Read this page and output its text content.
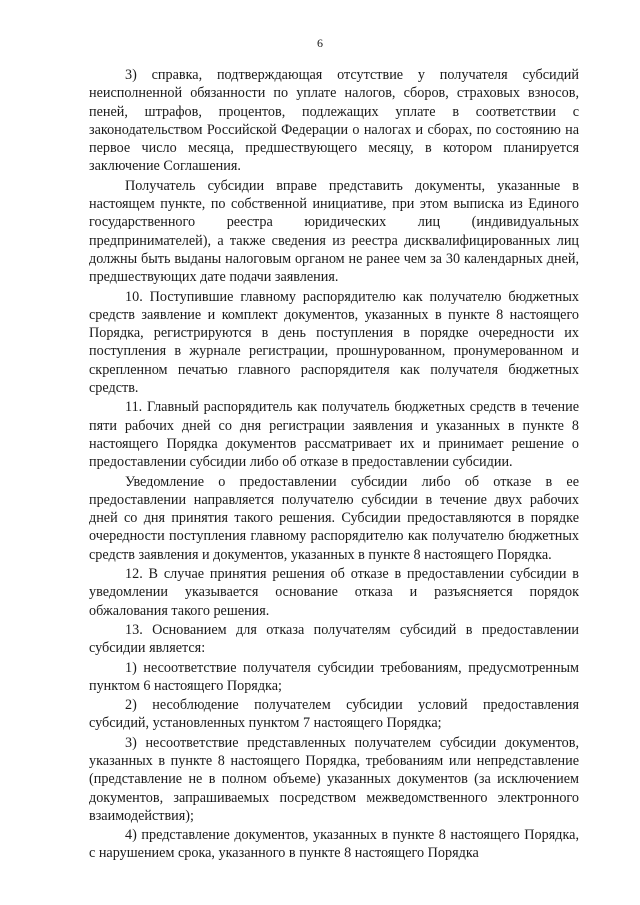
6

3) справка, подтверждающая отсутствие у получателя субсидий неисполненной обязанности по уплате налогов, сборов, страховых взносов, пеней, штрафов, процентов, подлежащих уплате в соответствии с законодательством Российской Федерации о налогах и сборах, по состоянию на первое число месяца, предшествующего месяцу, в котором планируется заключение Соглашения.

Получатель субсидии вправе представить документы, указанные в настоящем пункте, по собственной инициативе, при этом выписка из Единого государственного реестра юридических лиц (индивидуальных предпринимателей), а также сведения из реестра дисквалифицированных лиц должны быть выданы налоговым органом не ранее чем за 30 календарных дней, предшествующих дате подачи заявления.

10. Поступившие главному распорядителю как получателю бюджетных средств заявление и комплект документов, указанных в пункте 8 настоящего Порядка, регистрируются в день поступления в порядке очередности их поступления в журнале регистрации, прошнурованном, пронумерованном и скрепленном печатью главного распорядителя как получателя бюджетных средств.

11. Главный распорядитель как получатель бюджетных средств в течение пяти рабочих дней со дня регистрации заявления и указанных в пункте 8 настоящего Порядка документов рассматривает их и принимает решение о предоставлении субсидии либо об отказе в предоставлении субсидии.

Уведомление о предоставлении субсидии либо об отказе в ее предоставлении направляется получателю субсидии в течение двух рабочих дней со дня принятия такого решения. Субсидии предоставляются в порядке очередности поступления главному распорядителю как получателю бюджетных средств заявления и документов, указанных в пункте 8 настоящего Порядка.

12. В случае принятия решения об отказе в предоставлении субсидии в уведомлении указывается основание отказа и разъясняется порядок обжалования такого решения.

13. Основанием для отказа получателям субсидий в предоставлении субсидии является:

1) несоответствие получателя субсидии требованиям, предусмотренным пунктом 6 настоящего Порядка;

2) несоблюдение получателем субсидии условий предоставления субсидий, установленных пунктом 7 настоящего Порядка;

3) несоответствие представленных получателем субсидии документов, указанных в пункте 8 настоящего Порядка, требованиям или непредставление (представление не в полном объеме) указанных документов (за исключением документов, запрашиваемых посредством межведомственного электронного взаимодействия);

4) представление документов, указанных в пункте 8 настоящего Порядка, с нарушением срока, указанного в пункте 8 настоящего Порядка
